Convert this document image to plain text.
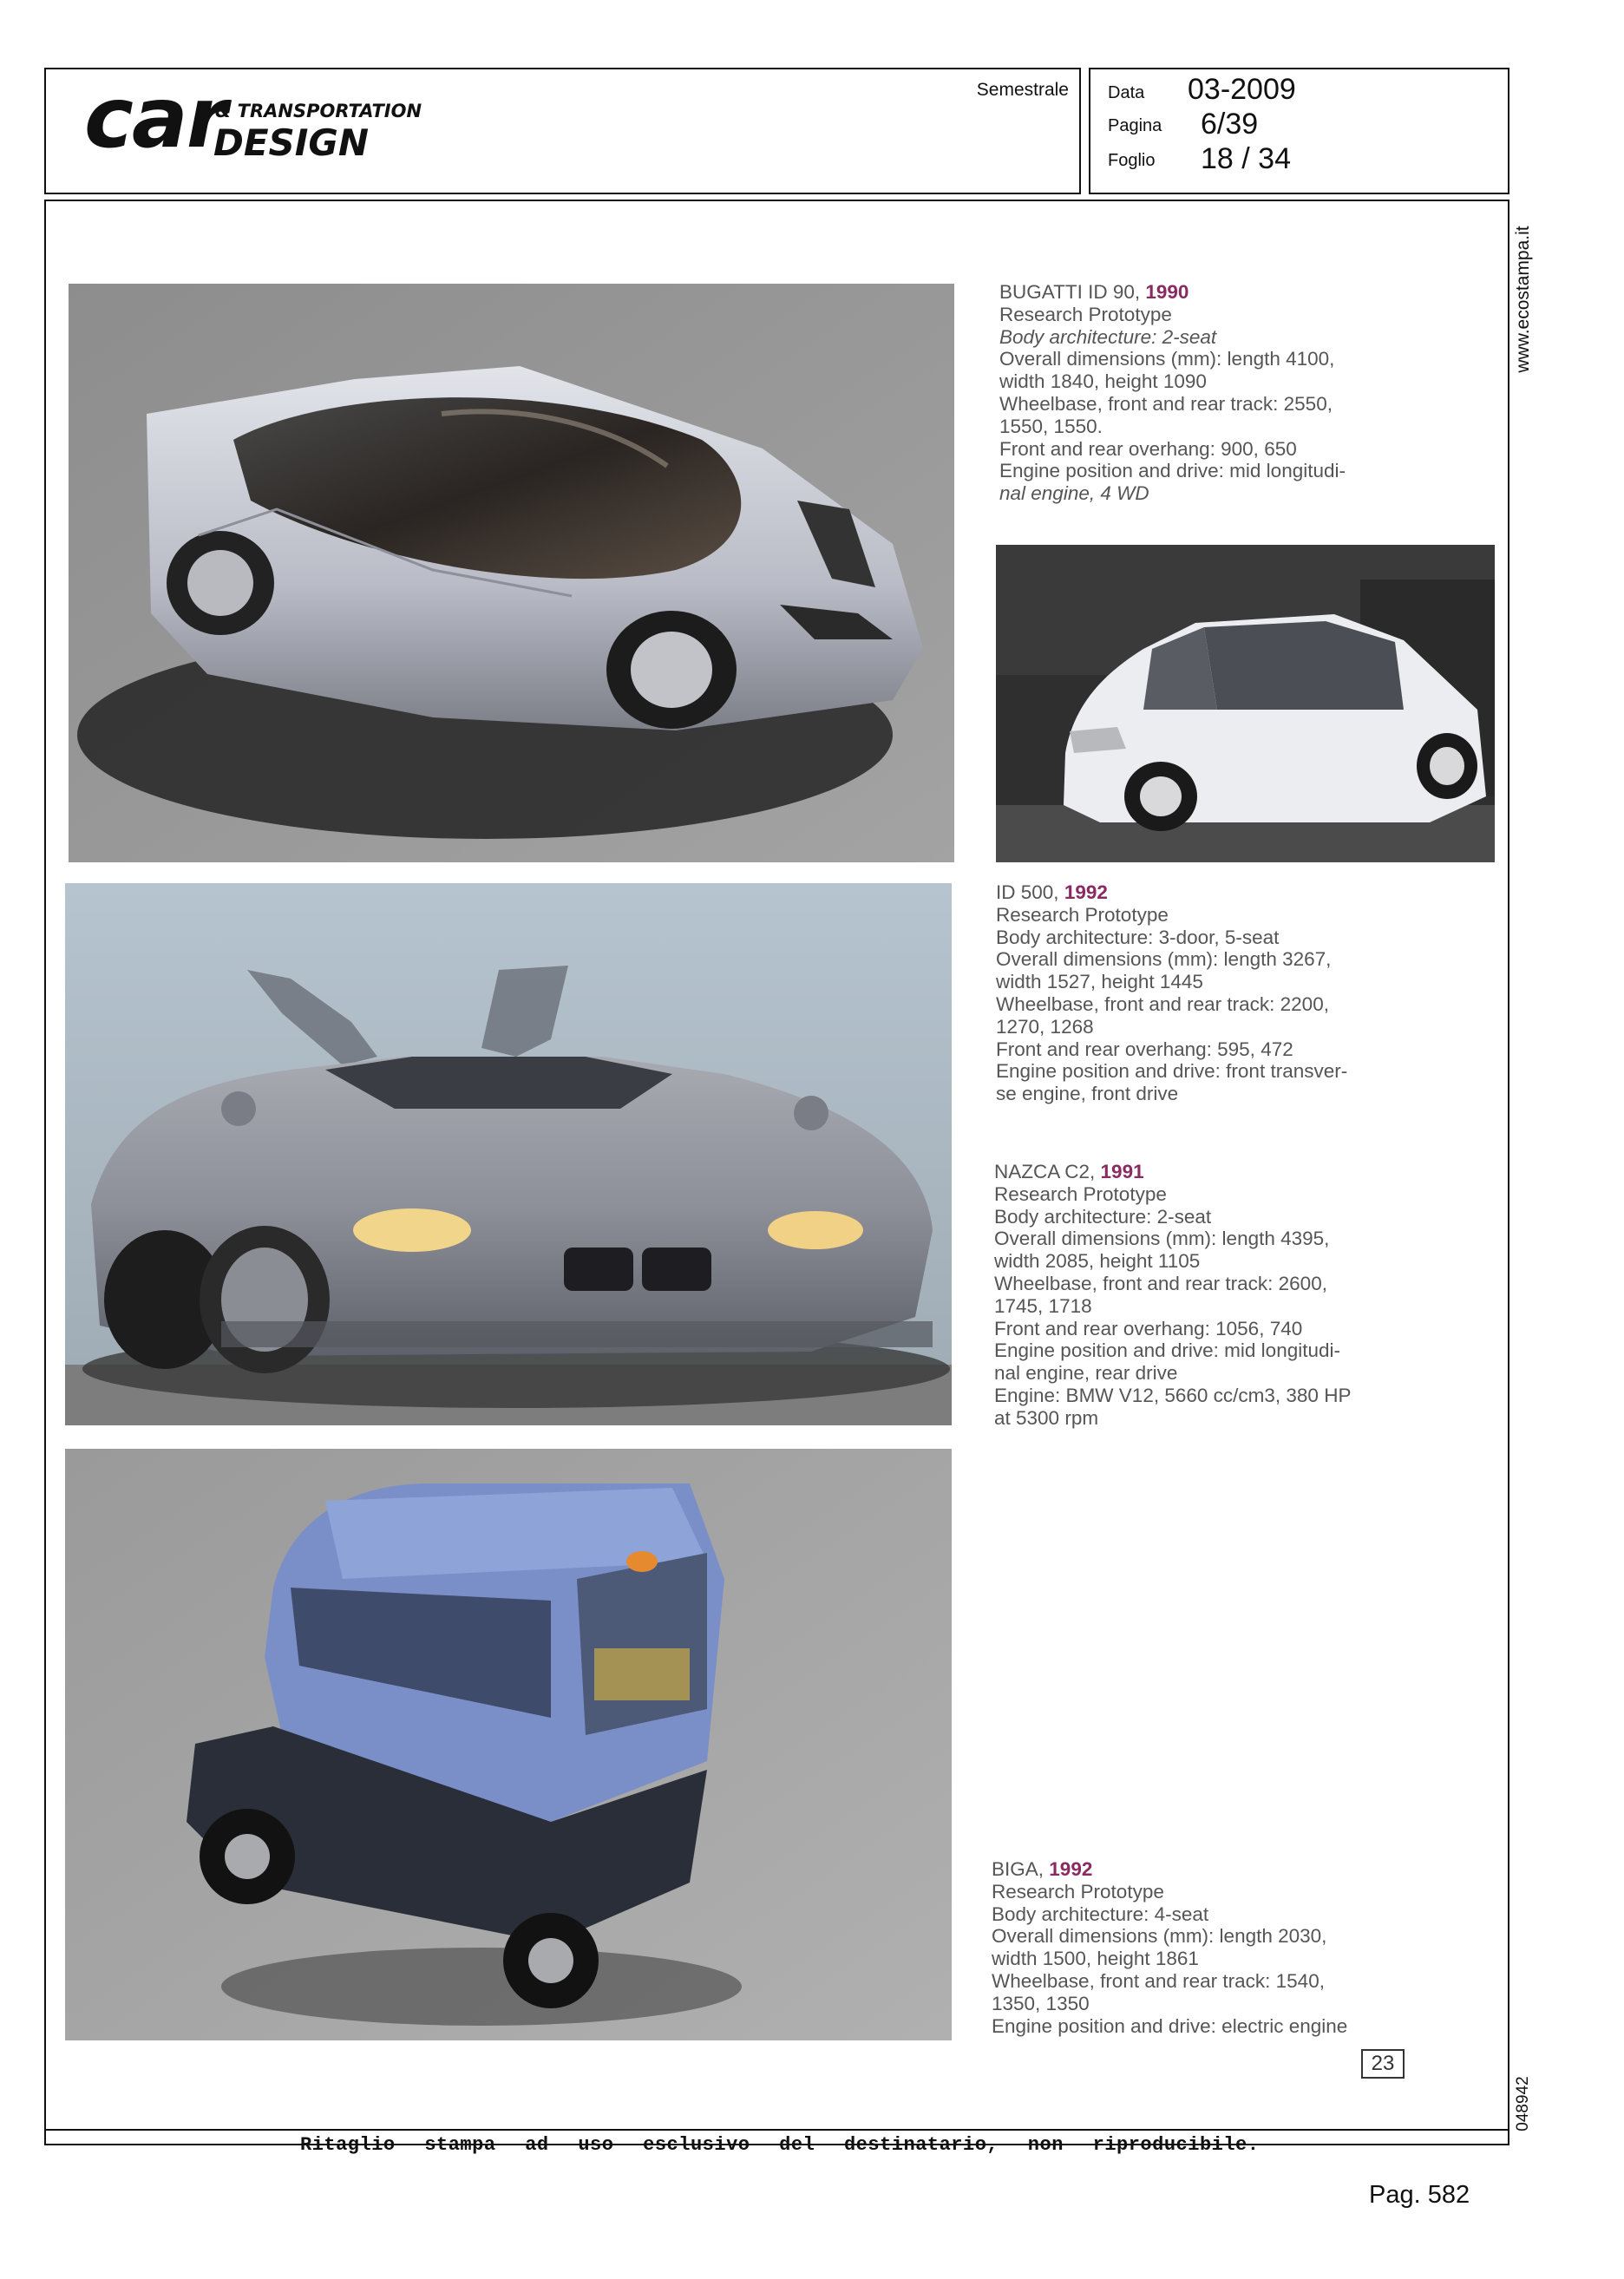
car
& TRANSPORTATION
DESIGN
Semestrale Data 03-2009
Pagina 6/39
Foglio 18 / 34
www.ecostampa.it
048942
BUGATTI ID 90, 1990
Research Prototype
Body architecture: 2-seat
Overall dimensions (mm): length 4100,
width 1840, height 1090
Wheelbase, front and rear track: 2550,
1550, 1550.
Front and rear overhang: 900, 650
Engine position and drive: mid longitudi-
nal engine, 4 WD
ID 500, 1992
Research Prototype
Body architecture: 3-door, 5-seat
Overall dimensions (mm): length 3267,
width 1527, height 1445
Wheelbase, front and rear track: 2200,
1270, 1268
Front and rear overhang: 595, 472
Engine position and drive: front transver-
se engine, front drive
NAZCA C2, 1991
Research Prototype
Body architecture: 2-seat
Overall dimensions (mm): length 4395,
width 2085, height 1105
Wheelbase, front and rear track: 2600,
1745, 1718
Front and rear overhang: 1056, 740
Engine position and drive: mid longitudi-
nal engine, rear drive
Engine: BMW V12, 5660 cc/cm3, 380 HP
at 5300 rpm
BIGA, 1992
Research Prototype
Body architecture: 4-seat
Overall dimensions (mm): length 2030,
width 1500, height 1861
Wheelbase, front and rear track: 1540,
1350, 1350
Engine position and drive: electric engine
23
Ritaglio stampa ad uso esclusivo del destinatario, non riproducibile.
Pag. 582
